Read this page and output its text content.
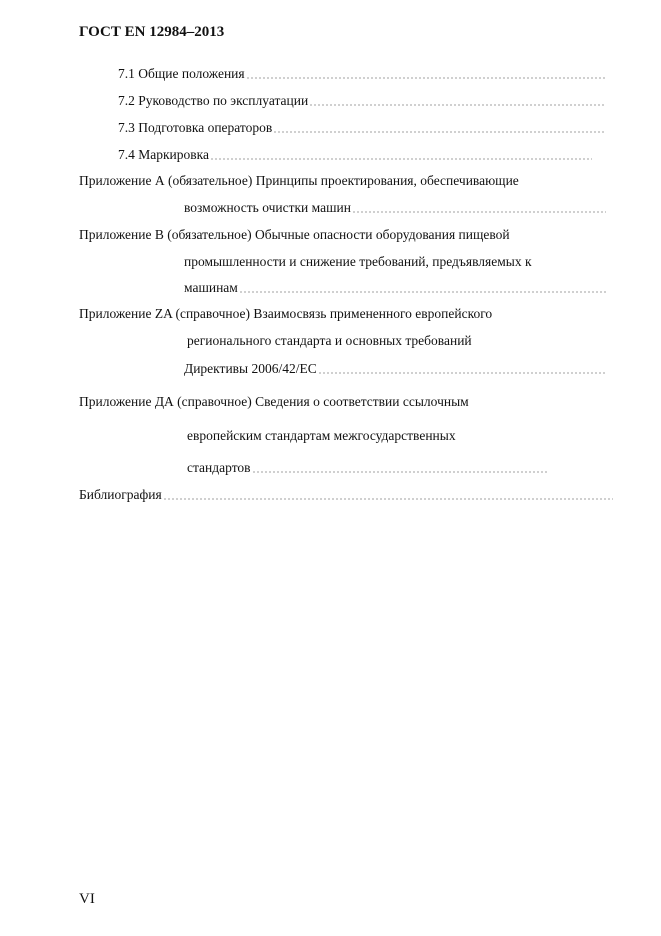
ГОСТ EN 12984–2013
7.1 Общие положения
7.2 Руководство по эксплуатации
7.3 Подготовка операторов
7.4 Маркировка
Приложение А (обязательное) Принципы проектирования, обеспечивающие
возможность очистки машин
Приложение В (обязательное) Обычные опасности оборудования пищевой
промышленности и снижение требований, предъявляемых к
машинам
Приложение ZA (справочное) Взаимосвязь примененного европейского
регионального стандарта и основных требований
Директивы 2006/42/EC
Приложение ДА (справочное) Сведения о соответствии ссылочным
европейским стандартам межгосударственных
стандартов
Библиография
VI
